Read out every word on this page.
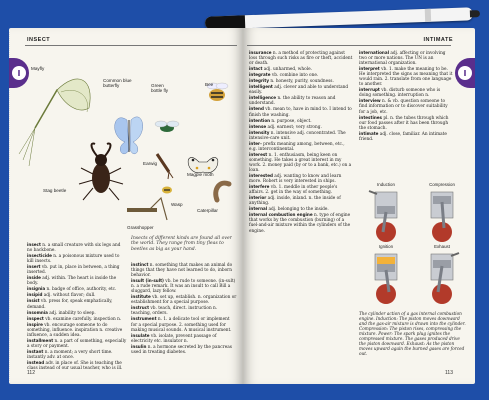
INSECT
I	Mayfly
Common blue butterfly	Green bottle fly
Bee
Stag beetle
Earwig
Magpie moth
Wasp
Caterpillar
Grasshopper
Insects of different kinds are found all over the world. They range from tiny fleas to beetles as big as your hand.

insect n. a small creature with six legs and no backbone.

insecticide n. a poisonous mixture used to kill insects.

insert vb. put in, place in between, a thing inserted.

inside adj. within. The heart is inside the body.

insignia n. badge of office, authority, etc.

insipid adj. without flavor; dull.

insist vb. press for, speak emphatically, demand.

insomnia adj. inability to sleep.

inspect vb. examine carefully. inspection n.

inspire vb. encourage someone to do something, influence. inspiration n. creative influence, a sudden idea.

installment n. a part of something, especially a story or payment.

instant n. a moment; a very short time. instantly adv. at once.

instead adv. in place of. She is teaching the class instead of our usual teacher, who is ill.

instinct n. something that makes an animal do things that they have not learned to do, inborn behavior.

insult (in-sult) vb. be rude to someone. (in-sult) n. a rude remark. It was an insult to call Bill a sluggard, lazy fellow.

institute vb. set up, establish. n. organization or establishment for a special purpose.

instruct vb. teach, direct. instruction n. teaching, orders.

instrument n. 1. a delicate tool or implement for a special purpose. 2. something used for making musical sounds. A musical instrument.

insulate vb. isolate, prevent passage of electricity etc. insulator n.

insulin n. a hormone secreted by the pancreas used in treating diabetes.

112
INTIMATE
I

insurance n. a method of protecting against loss through such risks as fire or theft, accident or death.

intact adj. unharmed, whole.

integrate vb. combine into one.

integrity n. honesty, purity, soundness.

intelligent adj. clever and able to understand easily.

intelligence n. the ability to reason and understand.

intend vb. mean to, have in mind to. I intend to finish the washing.

intention n. purpose, object.

intense adj. earnest; very strong.

intensity n. intensive adj. concentrated. The intensive-care unit.

inter- prefix meaning among, between, etc., e.g. intercontinental.

interest n. 1. enthusiasm, being keen on something. He takes a great interest in my work. 2. money paid (by or to a bank, etc.) on a loan.

interested adj. wanting to know and learn more. Robert is very interested in ships.

interfere vb. 1. meddle in other people's affairs. 2. get in the way of something.

interior adj. inside, inland. n. the inside of anything.

internal adj. belonging to the inside.

internal combustion engine n. type of engine that works by the combustion (burning) of a fuel-and-air mixture within the cylinders of the engine.

international adj. affecting or involving two or more nations. The UN is an international organization.

interpret vb. 1. make the meaning to be. He interpreted the signs as meaning that it would rain. 2. translate from one language to another.

interrupt vb. disturb someone who is doing something. interruption n.

interview n. & vb. question someone to find information or to discover suitability for a job, etc.

intestines pl. n. the tubes through which our food passes after it has been through the stomach.

intimate adj. close, familiar. An intimate friend.

Induction	Compression
Ignition	Exhaust
The cylinder action of a gas internal combustion engine. Induction: The piston moves downward and the gas-air mixture is drawn into the cylinder. Compression: The piston rises, compressing the mixture. Power: The spark plug ignites the compressed mixture. The gases produced drive the piston downward. Exhaust: As the piston moves upward again the burned gases are forced out.
113
